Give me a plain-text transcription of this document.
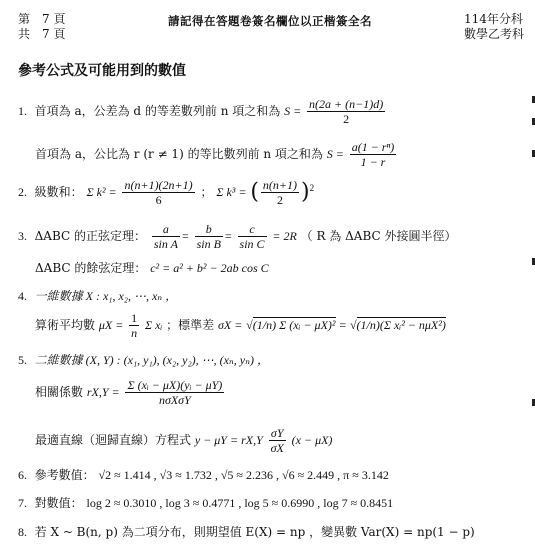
第　7 頁
共　7 頁
請記得在答題卷簽名欄位以正楷簽全名	114年分科
數學乙考科
參考公式及可能用到的數值
1. 首項為 a，公差為 d 的等差數列前 n 項之和為 $S = \frac{n(2a + (n-1)d)}{2}$
首項為 a，公比為 r (r ≠ 1) 的等比數列前 n 項之和為 $S = \frac{\text{a(1 − rⁿ)}}{1 - r}$
2. 級數和： Σ $k^2 = \frac{n(n+1)(2n+1)}{6}$ ； Σ k³ = ( $\frac{n(n+1)}{2} )^2$
3. ΔABC 的正弦定理： $\frac{a}{\text{sin A}} = \frac{b}{\text{sin B}} = \frac{c}{\text{sin C}} = 2R$ （ R 為 ΔABC 外接圓半徑）
ΔABC 的餘弦定理： c² = a² + b² − 2ab cos C
4. 一維數據 X : x₁, x₂, ⋯, xₙ ，
算術平均數 $\mu X = \frac{1}{n}$ Σ xᵢ ；標準差 σX = √(1/n) Σ (xᵢ − μX)² = √(1/n)(Σ xᵢ² − nμX²)
5. 二維數據 (X, Y) : (x₁, y₁), (x₂, y₂), ⋯, (xₙ, yₙ) ，
相關係數 $rX,Y = \frac{\text{Σ (xᵢ − μX)(yᵢ − μY)}}{\text{nσXσY}}$
最適直線（迴歸直線）方程式 $y - \mu Y = rX,Y \frac{\sigma Y}{\sigma X} (x - \mu X)$
6. 參考數值： √2 ≈ 1.414 , √3 ≈ 1.732 , √5 ≈ 2.236 , √6 ≈ 2.449 , π ≈ 3.142
7. 對數值： log 2 ≈ 0.3010 , log 3 ≈ 0.4771 , log 5 ≈ 0.6990 , log 7 ≈ 0.8451
8. 若 X ~ B(n, p) 為二項分布，則期望值 E(X) = np ，變異數 Var(X) = np(1 − p)
